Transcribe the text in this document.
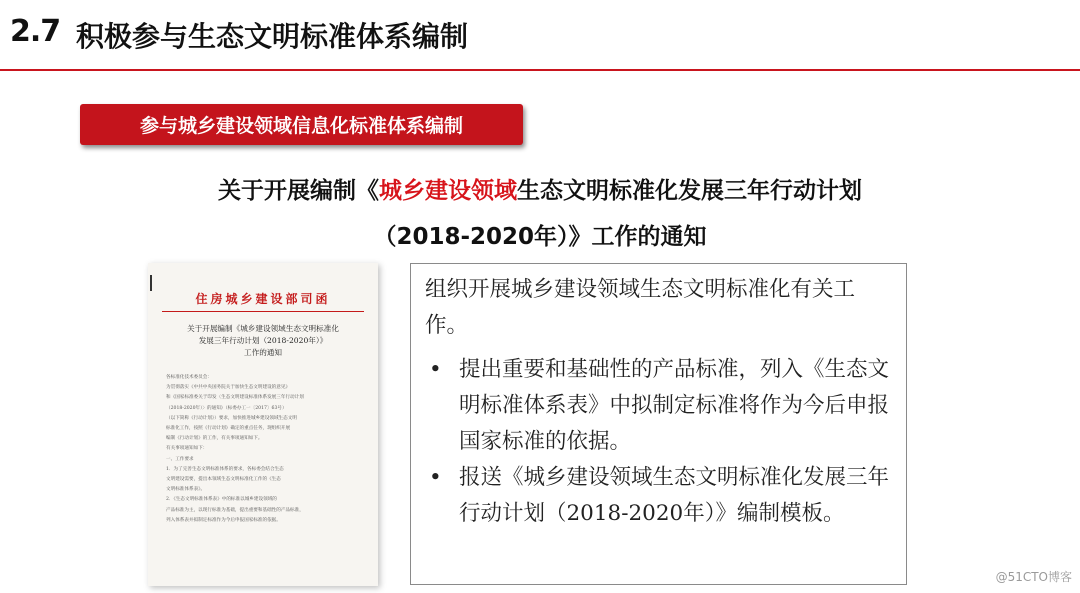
2.7 积极参与生态文明标准体系编制
参与城乡建设领域信息化标准体系编制
关于开展编制《城乡建设领域生态文明标准化发展三年行动计划
（2018-2020年）》工作的通知
住房城乡建设部司函
关于开展编制《城乡建设领域生态文明标准化
发展三年行动计划（2018-2020年）》
工作的通知
各标准化技术委员会：
为贯彻落实《中共中央国务院关于加快生态文明建设的意见》
和《国家标准委关于印发〈生态文明建设标准体系发展三年行动计划
（2018-2020年）〉的通知》（标委办工一〔2017〕63号）
（以下简称《行动计划》）要求，加快推进城乡建设领域生态文明
标准化工作，按照《行动计划》确定的重点任务，现组织开展
编制《行动计划》的工作，有关事项通知如下。
有关事项通知如下：
一、工作要求
1．为了完善生态文明标准体系的要求，各标委会结合生态
文明建设需要，提出本领域生态文明标准化工作的《生态
文明标准体系表》。
2．《生态文明标准体系表》中的标准以城乡建设领域的
产品标准为主，以现行标准为基础，提出重要和基础性的产品标准，
列入体系表并拟制定标准作为今后申报国家标准的依据。
组织开展城乡建设领域生态文明标准化有关工作。
• 提出重要和基础性的产品标准，列入《生态文明标准体系表》中拟制定标准将作为今后申报国家标准的依据。
• 报送《城乡建设领域生态文明标准化发展三年行动计划（2018-2020年）》编制模板。
@51CTO博客
